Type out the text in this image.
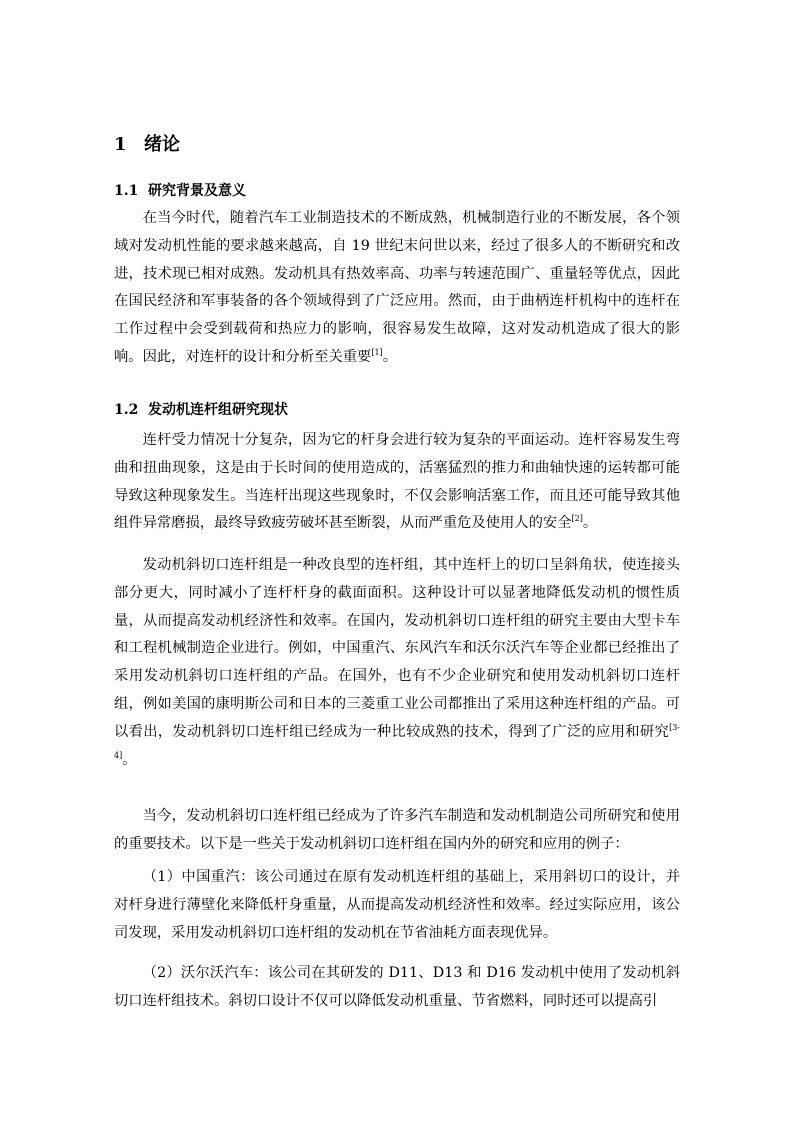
1 绪论
1.1 研究背景及意义

在当今时代，随着汽车工业制造技术的不断成熟，机械制造行业的不断发展，各个领域对发动机性能的要求越来越高，自 19 世纪末问世以来，经过了很多人的不断研究和改进，技术现已相对成熟。发动机具有热效率高、功率与转速范围广、重量轻等优点，因此在国民经济和军事装备的各个领域得到了广泛应用。然而，由于曲柄连杆机构中的连杆在工作过程中会受到载荷和热应力的影响，很容易发生故障，这对发动机造成了很大的影响。因此，对连杆的设计和分析至关重要[1]。

1.2 发动机连杆组研究现状

连杆受力情况十分复杂，因为它的杆身会进行较为复杂的平面运动。连杆容易发生弯曲和扭曲现象，这是由于长时间的使用造成的，活塞猛烈的推力和曲轴快速的运转都可能导致这种现象发生。当连杆出现这些现象时，不仅会影响活塞工作，而且还可能导致其他组件异常磨损，最终导致疲劳破坏甚至断裂，从而严重危及使用人的安全[2]。

发动机斜切口连杆组是一种改良型的连杆组，其中连杆上的切口呈斜角状，使连接头部分更大，同时减小了连杆杆身的截面面积。这种设计可以显著地降低发动机的惯性质量，从而提高发动机经济性和效率。在国内，发动机斜切口连杆组的研究主要由大型卡车和工程机械制造企业进行。例如，中国重汽、东风汽车和沃尔沃汽车等企业都已经推出了采用发动机斜切口连杆组的产品。在国外，也有不少企业研究和使用发动机斜切口连杆组，例如美国的康明斯公司和日本的三菱重工业公司都推出了采用这种连杆组的产品。可以看出，发动机斜切口连杆组已经成为一种比较成熟的技术，得到了广泛的应用和研究[3-4]。

当今，发动机斜切口连杆组已经成为了许多汽车制造和发动机制造公司所研究和使用的重要技术。以下是一些关于发动机斜切口连杆组在国内外的研究和应用的例子：

（1）中国重汽：该公司通过在原有发动机连杆组的基础上，采用斜切口的设计，并对杆身进行薄壁化来降低杆身重量，从而提高发动机经济性和效率。经过实际应用，该公司发现，采用发动机斜切口连杆组的发动机在节省油耗方面表现优异。

（2）沃尔沃汽车：该公司在其研发的 D11、D13 和 D16 发动机中使用了发动机斜切口连杆组技术。斜切口设计不仅可以降低发动机重量、节省燃料，同时还可以提高引
